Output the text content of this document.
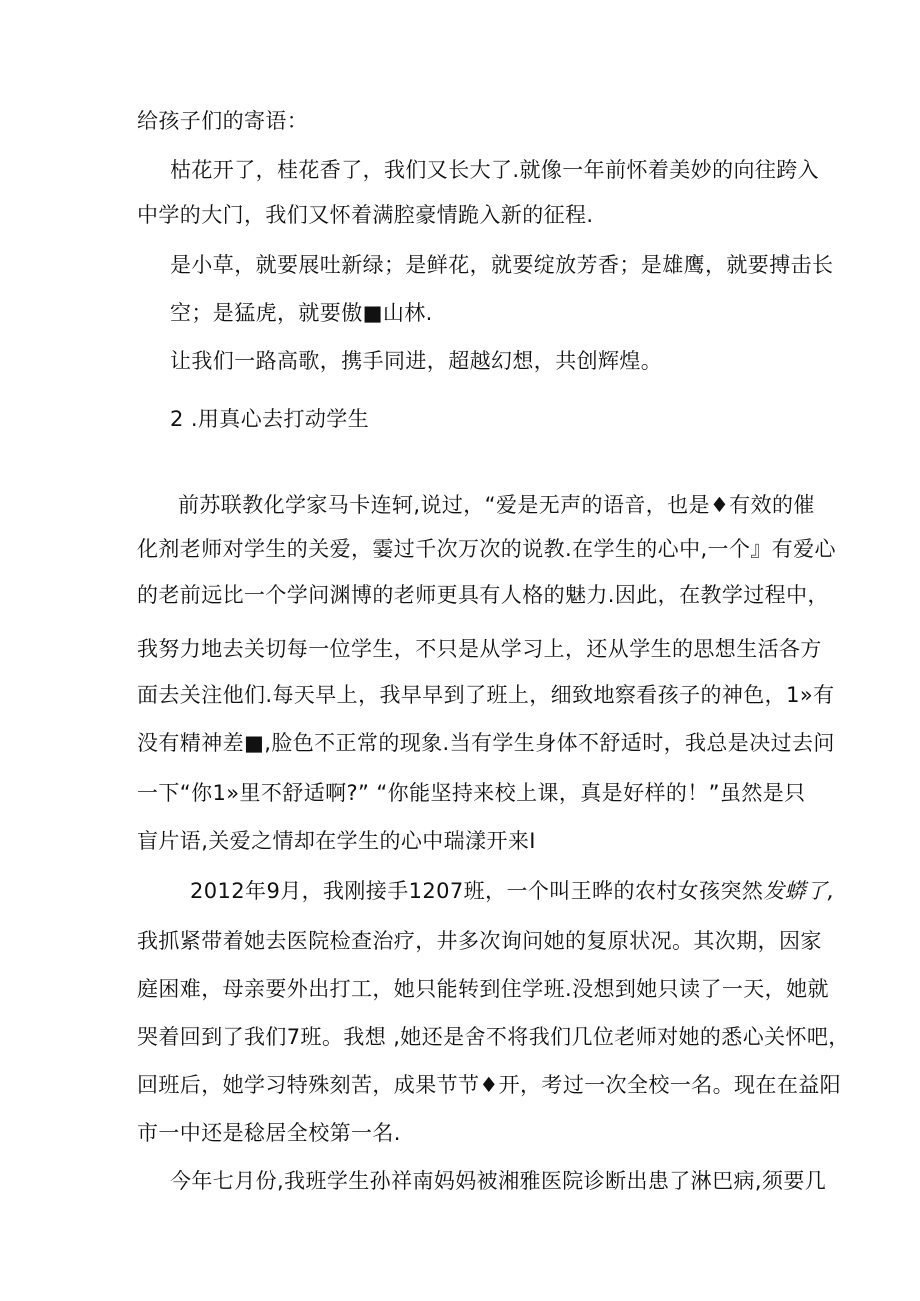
给孩子们的寄语：
枯花开了，桂花香了，我们又长大了.就像一年前怀着美妙的向往跨入
中学的大门，我们又怀着满腔豪情跪入新的征程.
是小草，就要展吐新绿；是鲜花，就要绽放芳香；是雄鹰，就要搏击长
空；是猛虎，就要傲■山林.
让我们一路高歌，携手同进，超越幻想，共创辉煌。
2 .用真心去打动学生
前苏联教化学家马卡连轲,说过，“爱是无声的语音，也是♦有效的催
化剂老师对学生的关爱，霎过千次万次的说教.在学生的心中,一个』有爱心
的老前远比一个学问渊博的老师更具有人格的魅力.因此，在教学过程中，
我努力地去关切每一位学生，不只是从学习上，还从学生的思想生活各方
面去关注他们.每天早上，我早早到了班上，细致地察看孩子的神色，1»有
没有精神差■,脸色不正常的现象.当有学生身体不舒适时，我总是决过去问
一下“你1»里不舒适啊?” “你能坚持来校上课，真是好样的！”虽然是只
盲片语,关爱之情却在学生的心中瑞漾开来I
2012年9月，我刚接手1207班，一个叫王晔的农村女孩突然发蟒了,
我抓紧带着她去医院检查治疗，井多次询问她的复原状况。其次期，因家
庭困难，母亲要外出打工，她只能转到住学班.没想到她只读了一天，她就
哭着回到了我们7班。我想 ,她还是舍不将我们几位老师对她的悉心关怀吧，
回班后，她学习特殊刻苦，成果节节♦开，考过一次全校一名。现在在益阳
市一中还是稔居全校第一名.
今年七月份,我班学生孙祥南妈妈被湘雅医院诊断出患了淋巴病,须要几
